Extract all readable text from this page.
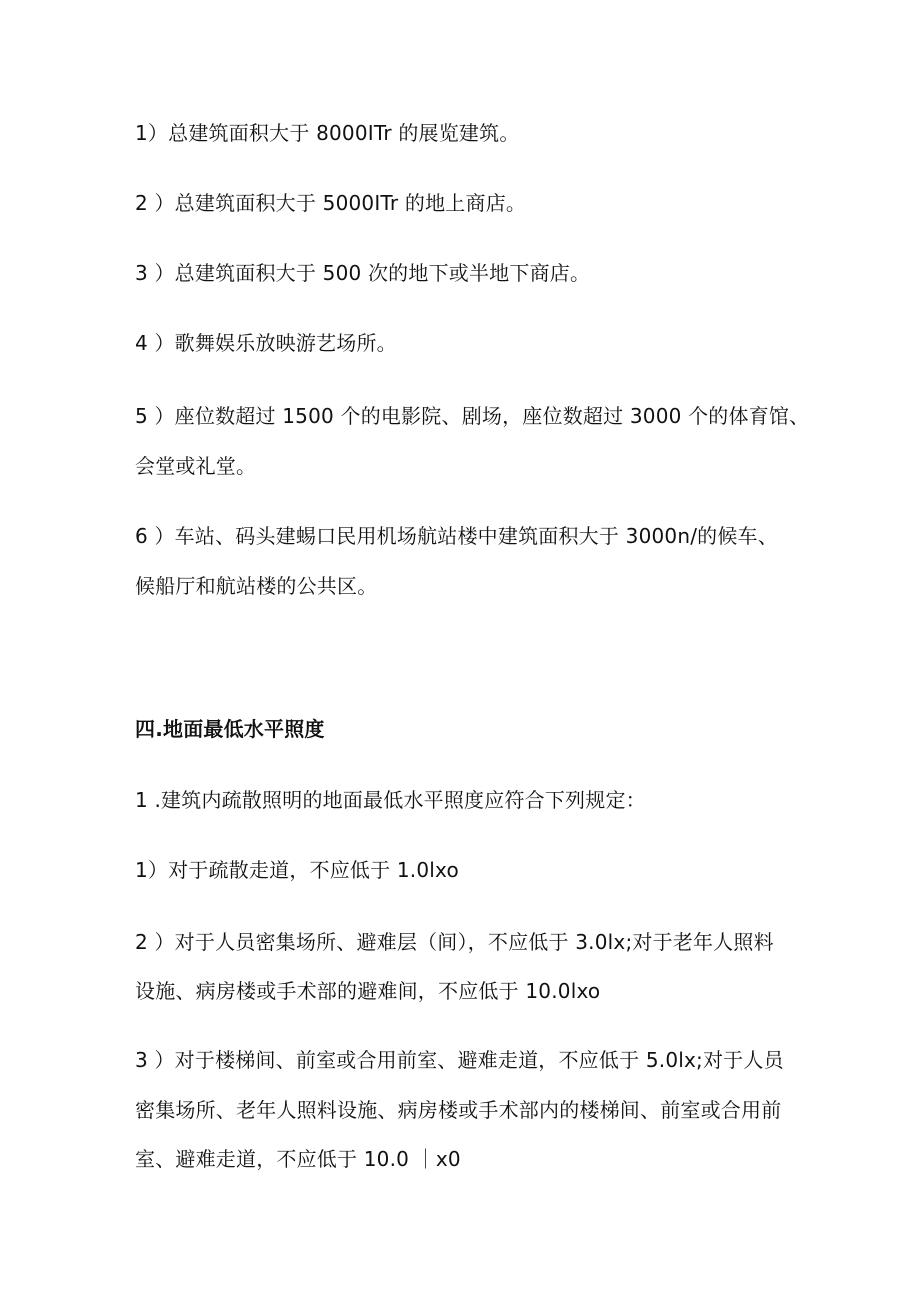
1）总建筑面积大于 8000ITr 的展览建筑。
2 ）总建筑面积大于 5000ITr 的地上商店。
3 ）总建筑面积大于 500 次的地下或半地下商店。
4 ）歌舞娱乐放映游艺场所。
5 ）座位数超过 1500 个的电影院、剧场，座位数超过 3000 个的体育馆、
会堂或礼堂。
6 ）车站、码头建蜴口民用机场航站楼中建筑面积大于 3000n/的候车、
候船厅和航站楼的公共区。
四.地面最低水平照度
1 .建筑内疏散照明的地面最低水平照度应符合下列规定：
1）对于疏散走道，不应低于 1.0lxo
2 ）对于人员密集场所、避难层（间），不应低于 3.0lx;对于老年人照料
设施、病房楼或手术部的避难间，不应低于 10.0lxo
3 ）对于楼梯间、前室或合用前室、避难走道，不应低于 5.0lx;对于人员
密集场所、老年人照料设施、病房楼或手术部内的楼梯间、前室或合用前
室、避难走道，不应低于 10.0 ｜x0
